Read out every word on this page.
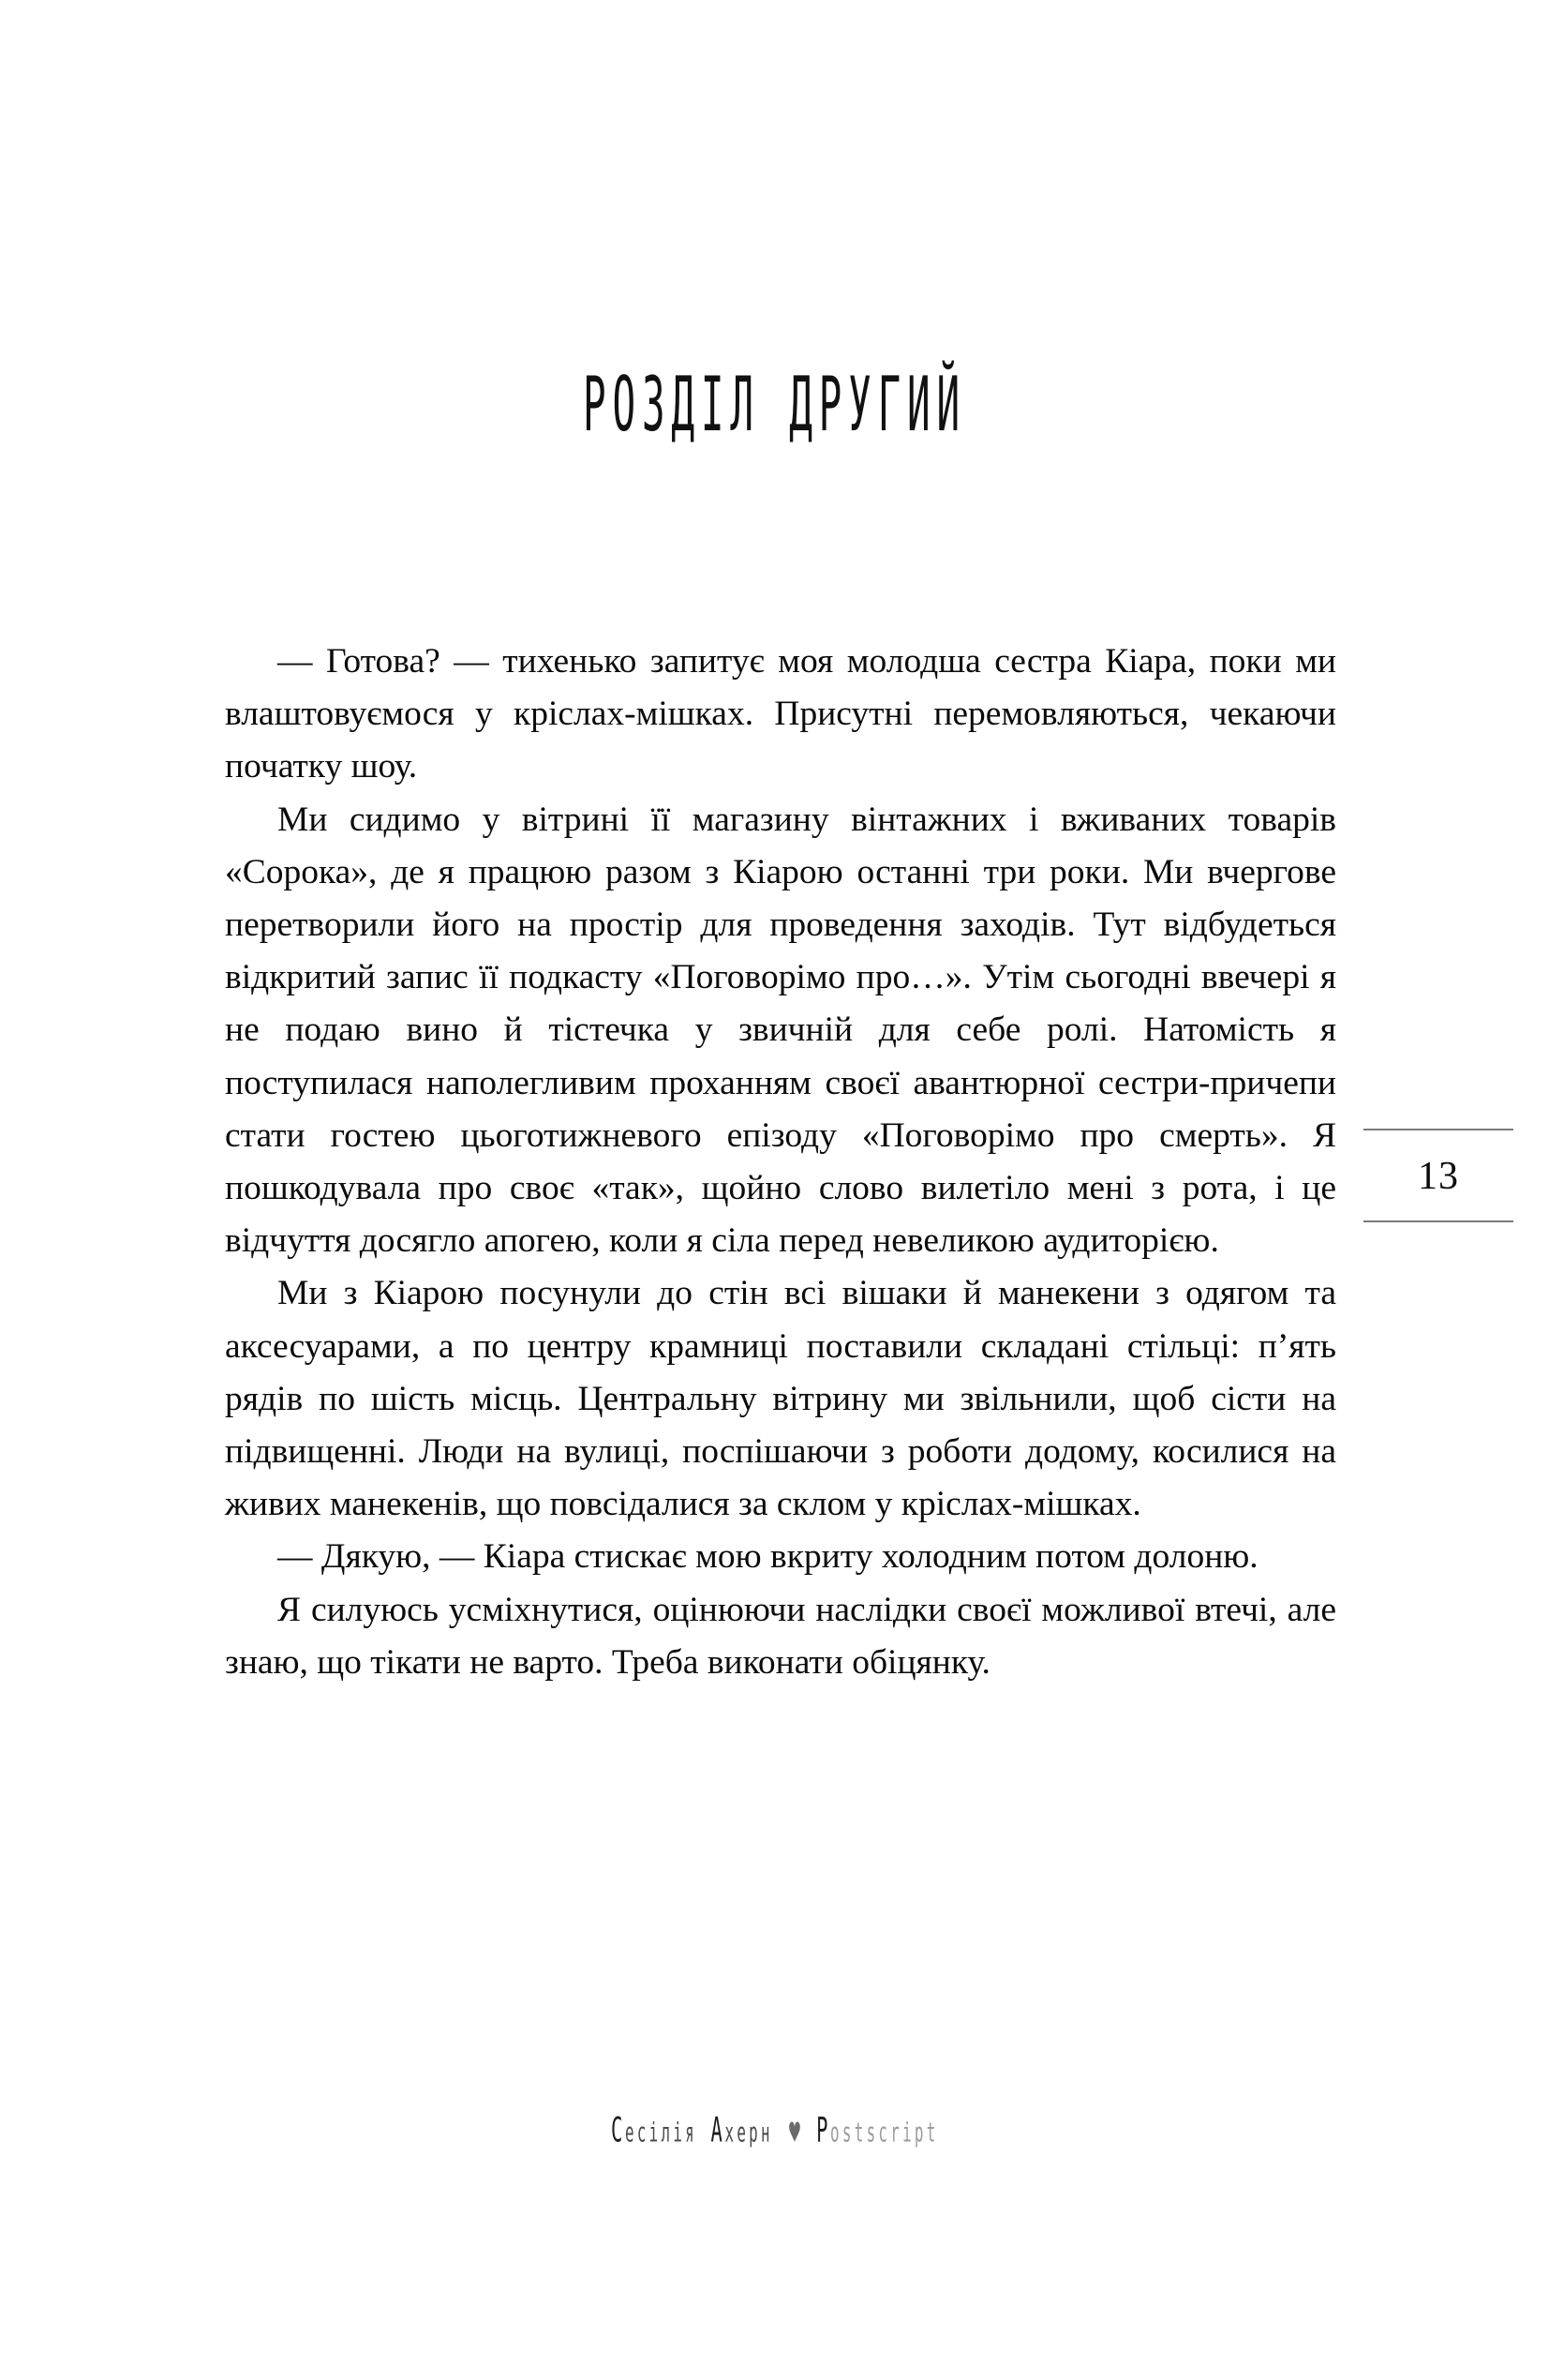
РОЗДІЛ ДРУГИЙ

— Готова? — тихенько запитує моя молодша сестра Кіара, поки ми влаштовуємося у кріслах-мішках. Присутні перемовляються, чекаючи початку шоу.

Ми сидимо у вітрині її магазину вінтажних і вживаних товарів «Сорока», де я працюю разом з Кіарою останні три роки. Ми вчергове перетворили його на простір для проведення заходів. Тут відбудеться відкритий запис її подкасту «Поговорімо про…». Утім сьогодні ввечері я не подаю вино й тістечка у звичній для себе ролі. Натомість я поступилася наполегливим проханням своєї авантюрної сестри-причепи стати гостею цьоготижневого епізоду «Поговорімо про смерть». Я пошкодувала про своє «так», щойно слово вилетіло мені з рота, і це відчуття досягло апогею, коли я сіла перед невеликою аудиторією.

Ми з Кіарою посунули до стін всі вішаки й манекени з одягом та аксесуарами, а по центру крамниці поставили складані стільці: п’ять рядів по шість місць. Центральну вітрину ми звільнили, щоб сісти на підвищенні. Люди на вулиці, поспішаючи з роботи додому, косилися на живих манекенів, що повсідалися за склом у кріслах-мішках.

— Дякую, — Кіара стискає мою вкриту холодним потом долоню.

Я силуюсь усміхнутися, оцінюючи наслідки своєї можливої втечі, але знаю, що тікати не варто. Треба виконати обіцянку.

13
Сесілія Ахерн ♥ Postscript
